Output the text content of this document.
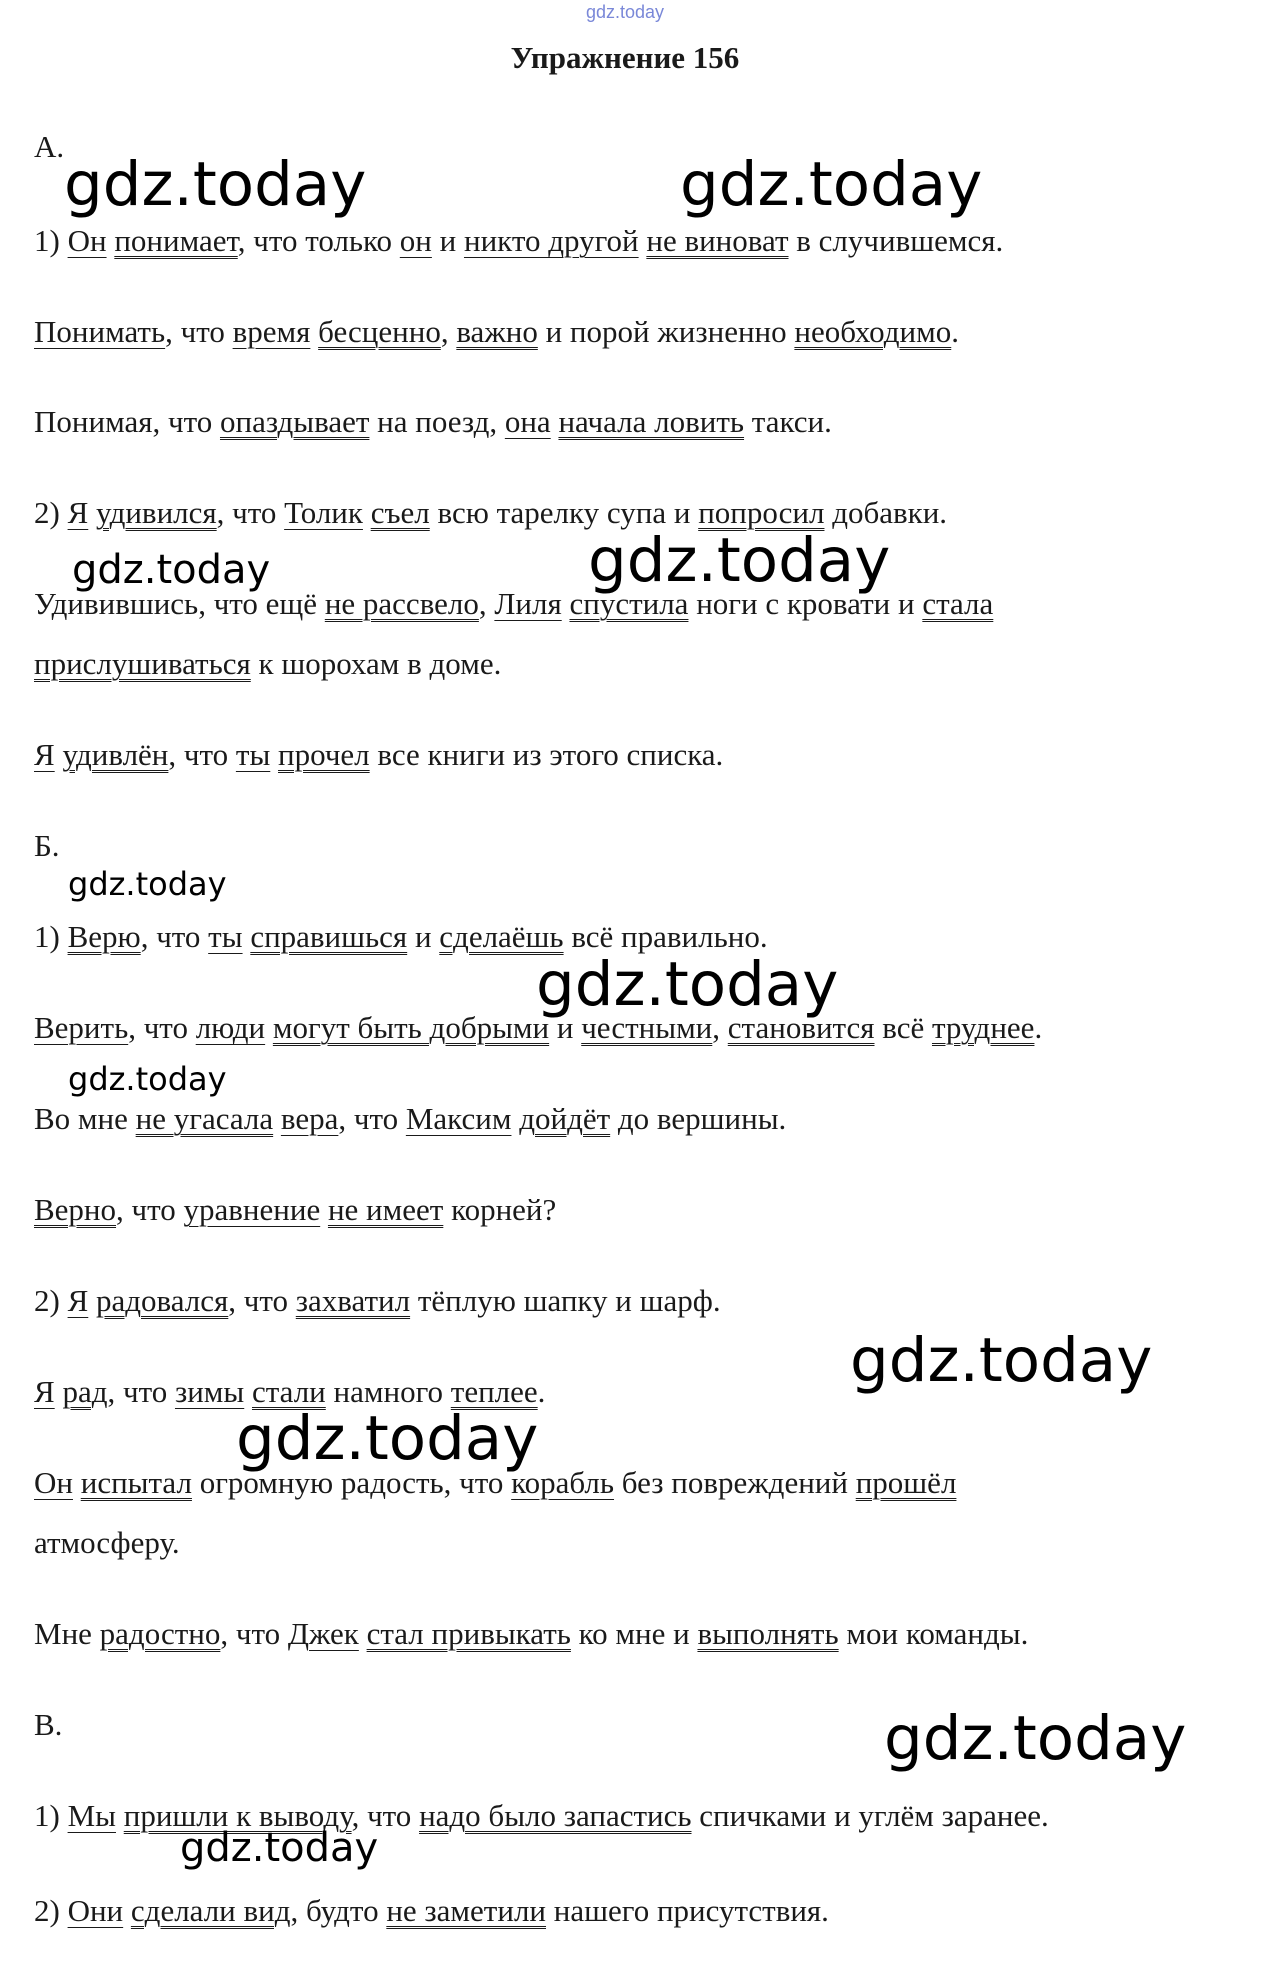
gdz.today
Упражнение 156
А.
1) Он понимает, что только он и никто другой не виноват в случившемся.
Понимать, что время бесценно, важно и порой жизненно необходимо.
Понимая, что опаздывает на поезд, она начала ловить такси.
2) Я удивился, что Толик съел всю тарелку супа и попросил добавки.
Удивившись, что ещё не рассвело, Лиля спустила ноги с кровати и стала
прислушиваться к шорохам в доме.
Я удивлён, что ты прочел все книги из этого списка.
Б.
1) Верю, что ты справишься и сделаёшь всё правильно.
Верить, что люди могут быть добрыми и честными, становится всё труднее.
Во мне не угасала вера, что Максим дойдёт до вершины.
Верно, что уравнение не имеет корней?
2) Я радовался, что захватил тёплую шапку и шарф.
Я рад, что зимы стали намного теплее.
Он испытал огромную радость, что корабль без повреждений прошёл
атмосферу.
Мне радостно, что Джек стал привыкать ко мне и выполнять мои команды.
В.
1) Мы пришли к выводу, что надо было запастись спичками и углём заранее.
2) Они сделали вид, будто не заметили нашего присутствия.
gdz.today	gdz.today
gdz.today	gdz.today
gdz.today
gdz.today
gdz.today
gdz.today
gdz.today
gdz.today
gdz.today
